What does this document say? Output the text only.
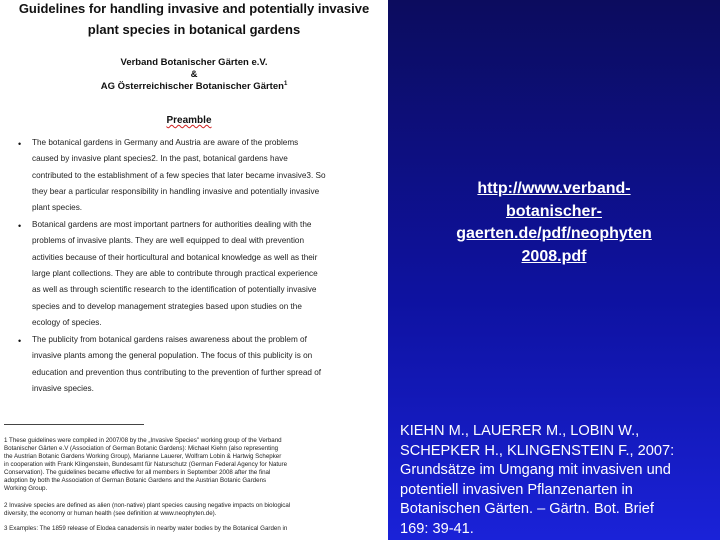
Guidelines for handling invasive and potentially invasive
plant species in botanical gardens
Verband Botanischer Gärten e.V.
&
AG Österreichischer Botanischer Gärten$^1$
Preamble
•	The botanical gardens in Germany and Austria are aware of the problems
caused by invasive plant species2. In the past, botanical gardens have
contributed to the establishment of a few species that later became invasive3. So
they bear a particular responsibility in handling invasive and potentially invasive
plant species.
•	Botanical gardens are most important partners for authorities dealing with the
problems of invasive plants. They are well equipped to deal with prevention
activities because of their horticultural and botanical knowledge as well as their
large plant collections. They are able to contribute through practical experience
as well as through scientific research to the identification of potentially invasive
species and to develop management strategies based upon studies on the
ecology of species.
•	The publicity from botanical gardens raises awareness about the problem of
invasive plants among the general population. The focus of this publicity is on
education and prevention thus contributing to the prevention of further spread of
invasive species.
1 These guidelines were compiled in 2007/08 by the „Invasive Species" working group of the Verband
Botanischer Gärten e.V (Association of German Botanic Gardens): Michael Kiehn (also representing
the Austrian Botanic Gardens Working Group), Marianne Lauerer, Wolfram Lobin & Hartwig Schepker
in cooperation with Frank Klingenstein, Bundesamt für Naturschutz (German Federal Agency for Nature
Conservation). The guidelines became effective for all members in September 2008 after the final
adoption by both the Association of German Botanic Gardens and the Austrian Botanic Gardens
Working Group.
2 Invasive species are defined as alien (non-native) plant species causing negative impacts on biological
diversity, the economy or human health (see definition at www.neophyten.de).
3 Examples: The 1859 release of Elodea canadensis in nearby water bodies by the Botanical Garden in
http://www.verband-
botanischer-
gaerten.de/pdf/neophyten
2008.pdf
KIEHN M., LAUERER M., LOBIN W.,
SCHEPKER H., KLINGENSTEIN F., 2007:
Grundsätze im Umgang mit invasiven und
potentiell invasiven Pflanzenarten in
Botanischen Gärten. – Gärtn. Bot. Brief
169: 39-41.
